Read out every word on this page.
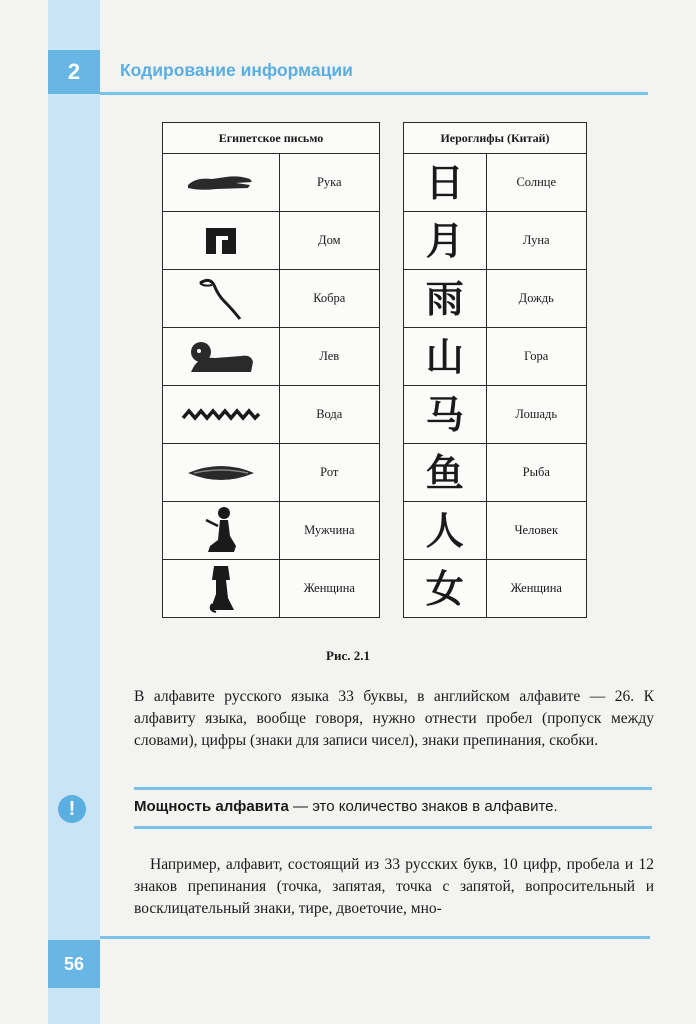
2	Кодирование информации
Египетское письмо	

	Рука

	Дом

	Кобра

	Лев

	Вода

	Рот

	Мужчина

	Женщина
Иероглифы (Китай)	
日	Солнце
月	Луна
雨	Дождь
山	Гора
马	Лошадь
鱼	Рыба
人	Человек
女	Женщина
Рис. 2.1
В алфавите русского языка 33 буквы, в английском алфавите — 26. К алфавиту языка, вообще говоря, нужно отнести пробел (пропуск между словами), цифры (знаки для записи чисел), знаки препинания, скобки.
!	Мощность алфавита — это количество знаков в алфавите.
Например, алфавит, состоящий из 33 русских букв, 10 цифр, пробела и 12 знаков препинания (точка, запятая, точка с запятой, вопросительный и восклицательный знаки, тире, двоеточие, мно-
56
